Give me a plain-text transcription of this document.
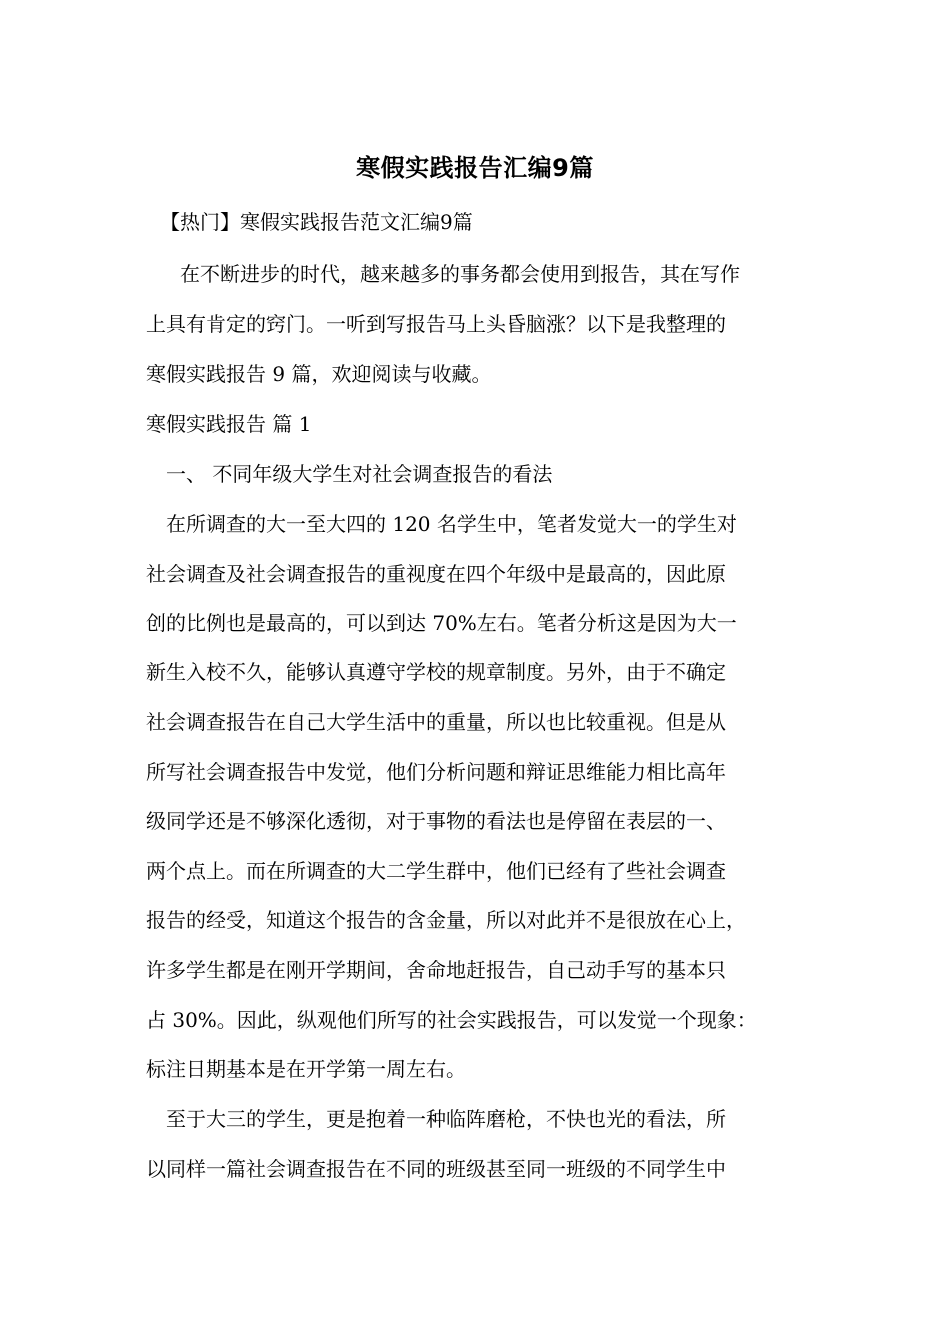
寒假实践报告汇编9篇
【热门】寒假实践报告范文汇编9篇
在不断进步的时代，越来越多的事务都会使用到报告，其在写作
上具有肯定的窍门。一听到写报告马上头昏脑涨？以下是我整理的
寒假实践报告 9 篇，欢迎阅读与收藏。
寒假实践报告 篇 1
一、 不同年级大学生对社会调查报告的看法
在所调查的大一至大四的 120 名学生中，笔者发觉大一的学生对
社会调查及社会调查报告的重视度在四个年级中是最高的，因此原
创的比例也是最高的，可以到达 70%左右。笔者分析这是因为大一
新生入校不久，能够认真遵守学校的规章制度。另外，由于不确定
社会调查报告在自己大学生活中的重量，所以也比较重视。但是从
所写社会调查报告中发觉，他们分析问题和辩证思维能力相比高年
级同学还是不够深化透彻，对于事物的看法也是停留在表层的一、
两个点上。而在所调查的大二学生群中，他们已经有了些社会调查
报告的经受，知道这个报告的含金量，所以对此并不是很放在心上，
许多学生都是在刚开学期间，舍命地赶报告，自己动手写的基本只
占 30%。因此，纵观他们所写的社会实践报告，可以发觉一个现象：
标注日期基本是在开学第一周左右。
至于大三的学生，更是抱着一种临阵磨枪，不快也光的看法，所
以同样一篇社会调查报告在不同的班级甚至同一班级的不同学生中
